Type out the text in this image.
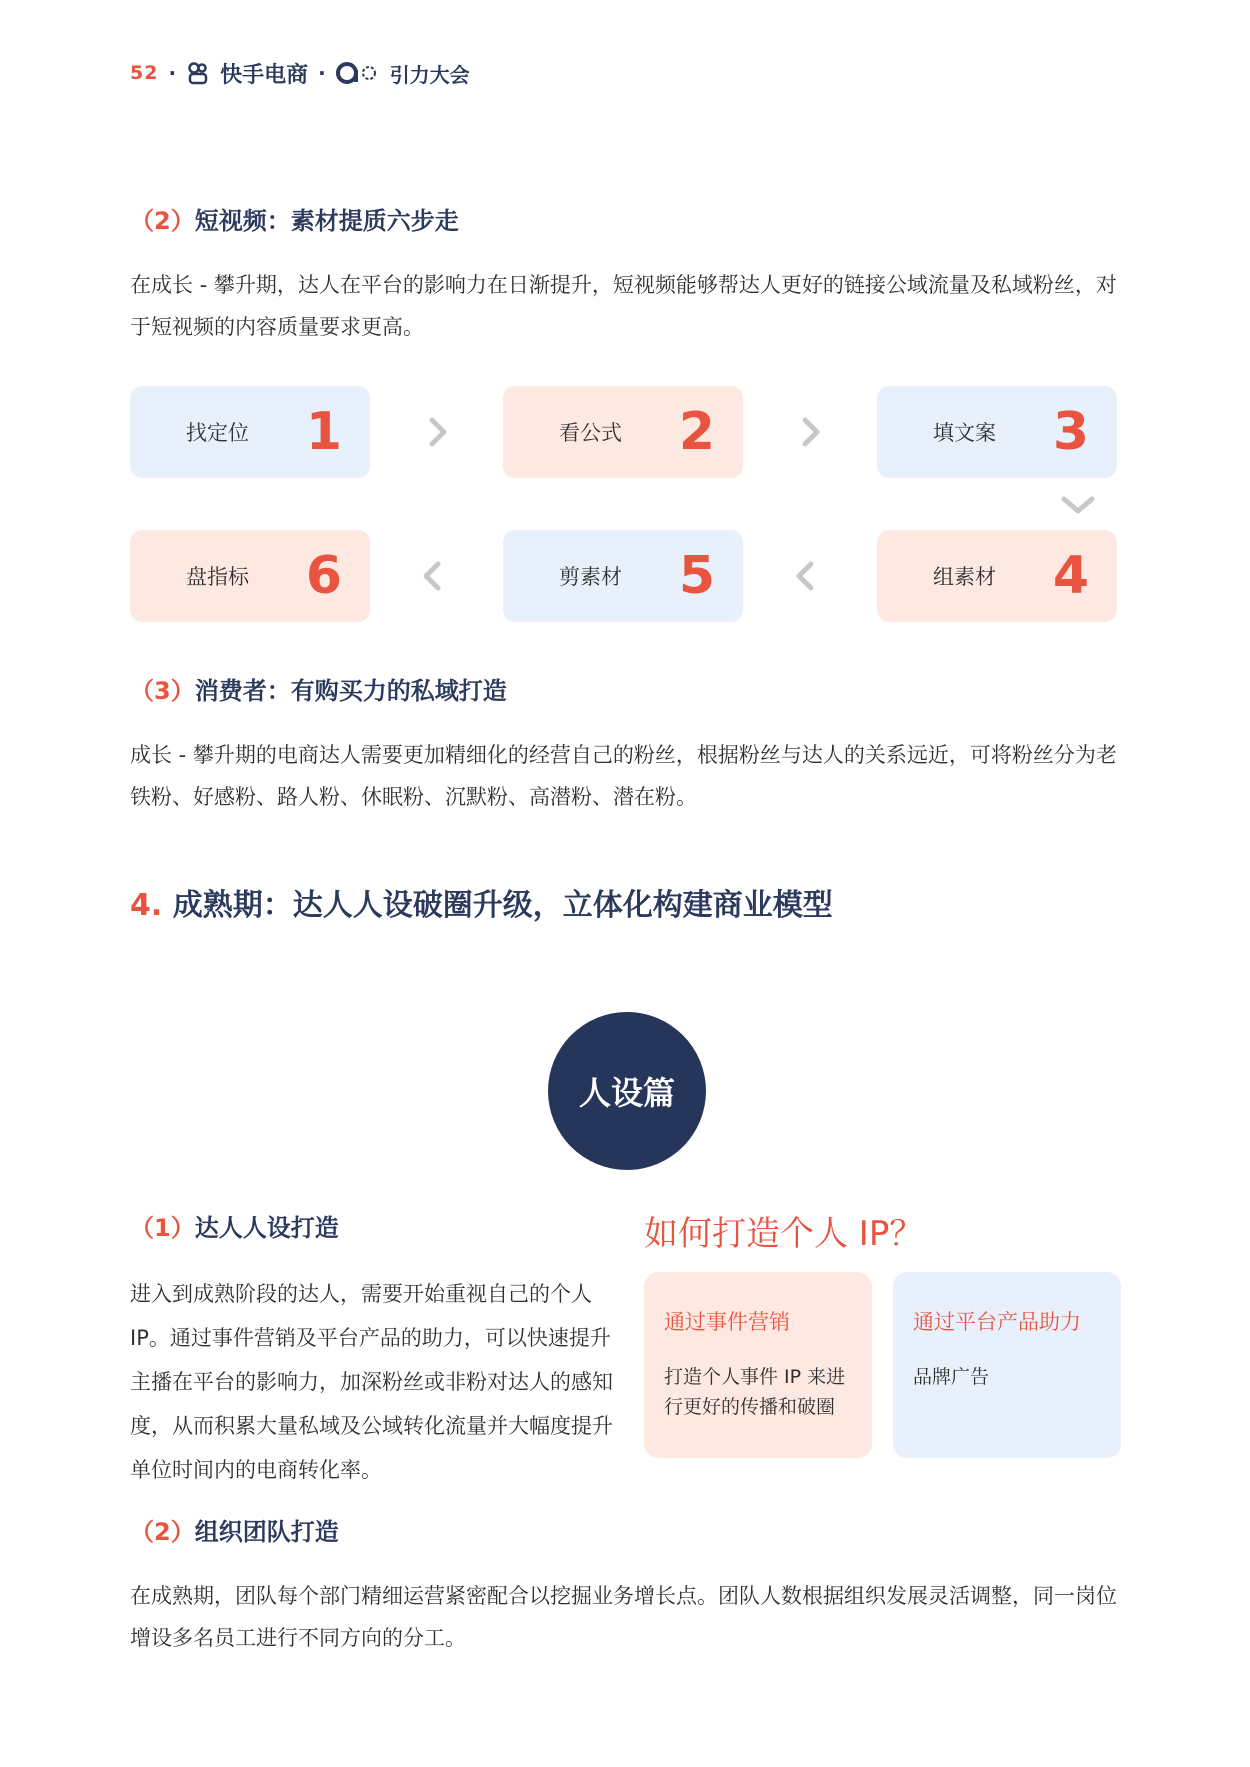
52 · 快手电商 ·	引力大会
（2）短视频：素材提质六步走
在成长 - 攀升期，达人在平台的影响力在日渐提升，短视频能够帮达人更好的链接公域流量及私域粉丝，对于短视频的内容质量要求更高。
找定位	1	看公式	2	填文案	3
盘指标	6	剪素材	5	组素材	4
（3）消费者：有购买力的私域打造
成长 - 攀升期的电商达人需要更加精细化的经营自己的粉丝，根据粉丝与达人的关系远近，可将粉丝分为老铁粉、好感粉、路人粉、休眠粉、沉默粉、高潜粉、潜在粉。
4. 成熟期：达人人设破圈升级，立体化构建商业模型
人设篇
（1）达人人设打造
进入到成熟阶段的达人，需要开始重视自己的个人 IP。通过事件营销及平台产品的助力，可以快速提升主播在平台的影响力，加深粉丝或非粉对达人的感知度，从而积累大量私域及公域转化流量并大幅度提升单位时间内的电商转化率。
如何打造个人 IP？
通过事件营销
打造个人事件 IP 来进行更好的传播和破圈
通过平台产品助力
品牌广告
（2）组织团队打造
在成熟期，团队每个部门精细运营紧密配合以挖掘业务增长点。团队人数根据组织发展灵活调整，同一岗位增设多名员工进行不同方向的分工。
